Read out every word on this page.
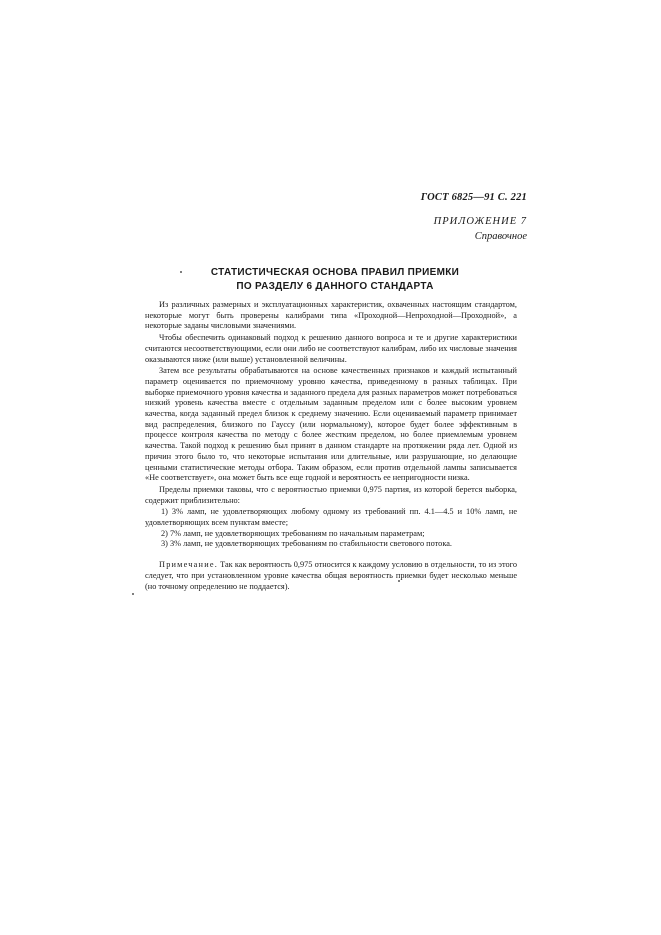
ГОСТ 6825—91 С. 221
ПРИЛОЖЕНИЕ 7
Справочное
СТАТИСТИЧЕСКАЯ ОСНОВА ПРАВИЛ ПРИЕМКИ
ПО РАЗДЕЛУ 6 ДАННОГО СТАНДАРТА

Из различных размерных и эксплуатационных характеристик, охваченных настоящим стандартом, некоторые могут быть проверены калибрами типа «Проходной—Непроходной—Проходной», а некоторые заданы числовыми значениями.

Чтобы обеспечить одинаковый подход к решению данного вопроса и те и другие характеристики считаются несоответствующими, если они либо не соответствуют калибрам, либо их числовые значения оказываются ниже (или выше) установленной величины.

Затем все результаты обрабатываются на основе качественных признаков и каждый испытанный параметр оценивается по приемочному уровню качества, приведенному в разных таблицах. При выборке приемочного уровня качества и заданного предела для разных параметров может потребоваться низкий уровень качества вместе с отдельным заданным пределом или с более высоким уровнем качества, когда заданный предел близок к среднему значению. Если оцениваемый параметр принимает вид распределения, близкого по Гауссу (или нормальному), которое будет более эффективным в процессе контроля качества по методу с более жестким пределом, но более приемлемым уровнем качества. Такой подход к решению был принят в данном стандарте на протяжении ряда лет. Одной из причин этого было то, что некоторые испытания или длительные, или разрушающие, но делающие ценными статистические методы отбора. Таким образом, если против отдельной лампы записывается «Не соответствует», она может быть все еще годной и вероятность ее непригодности низка.

Пределы приемки таковы, что с вероятностью приемки 0,975 партия, из которой берется выборка, содержит приблизительно:

1) 3% ламп, не удовлетворяющих любому одному из требований пп. 4.1—4.5 и 10% ламп, не удовлетворяющих всем пунктам вместе;

2) 7% ламп, не удовлетворяющих требованиям по начальным параметрам;

3) 3% ламп, не удовлетворяющих требованиям по стабильности светового потока.

Примечание. Так как вероятность 0,975 относится к каждому условию в отдельности, то из этого следует, что при установленном уровне качества общая вероятность приемки будет несколько меньше (но точному определению не поддается).
